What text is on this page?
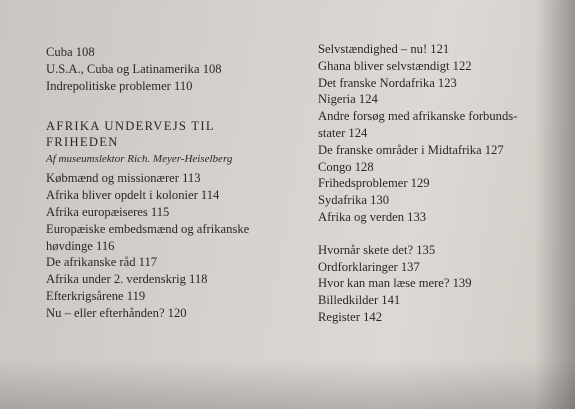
Cuba 108
U.S.A., Cuba og Latinamerika 108
Indrepolitiske problemer 110
AFRIKA UNDERVEJS TIL
FRIHEDEN
Af museumslektor Rich. Meyer-Heiselberg
Købmænd og missionærer 113
Afrika bliver opdelt i kolonier 114
Afrika europæiseres 115
Europæiske embedsmænd og afrikanske
høvdinge 116
De afrikanske råd 117
Afrika under 2. verdenskrig 118
Efterkrigsårene 119
Nu – eller efterhånden? 120
Selvstændighed – nu! 121
Ghana bliver selvstændigt 122
Det franske Nordafrika 123
Nigeria 124
Andre forsøg med afrikanske forbunds-
stater 124
De franske områder i Midtafrika 127
Congo 128
Frihedsproblemer 129
Sydafrika 130
Afrika og verden 133
Hvornår skete det? 135
Ordforklaringer 137
Hvor kan man læse mere? 139
Billedkilder 141
Register 142
